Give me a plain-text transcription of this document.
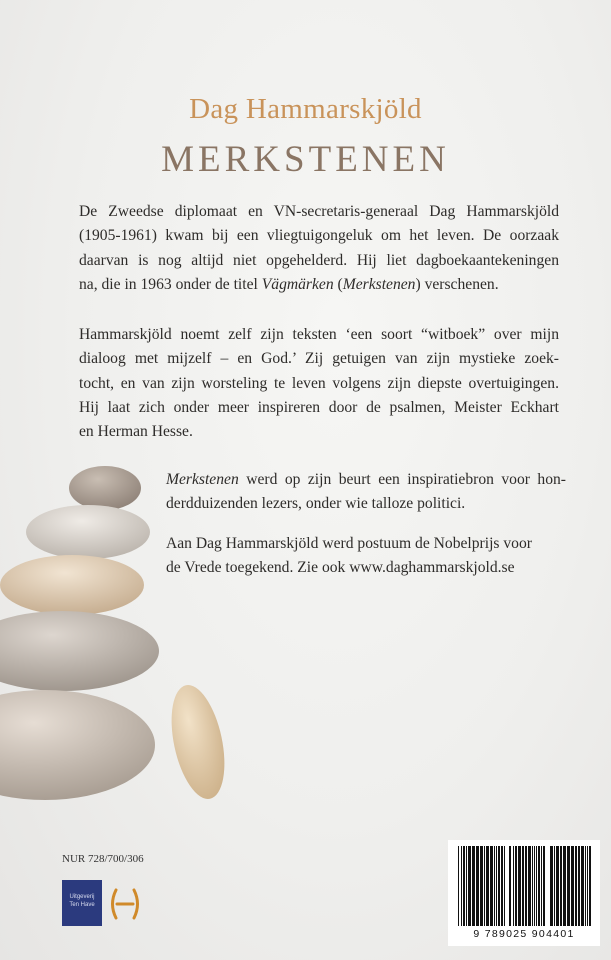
Dag Hammarskjöld
MERKSTENEN

De Zweedse diplomaat en VN-secretaris-generaal Dag Hammarskjöld
(1905-1961) kwam bij een vliegtuigongeluk om het leven. De oorzaak
daarvan is nog altijd niet opgehelderd. Hij liet dagboekaantekeningen
na, die in 1963 onder de titel Vägmärken (Merkstenen) verschenen.

Hammarskjöld noemt zelf zijn teksten ‘een soort “witboek” over mijn
dialoog met mijzelf – en God.’ Zij getuigen van zijn mystieke zoek-
tocht, en van zijn worsteling te leven volgens zijn diepste overtuigingen.
Hij laat zich onder meer inspireren door de psalmen, Meister Eckhart
en Herman Hesse.

Merkstenen werd op zijn beurt een inspiratiebron voor hon-
derdduizenden lezers, onder wie talloze politici.

Aan Dag Hammarskjöld werd postuum de Nobelprijs voor
de Vrede toegekend. Zie ook www.daghammarskjold.se

NUR 728/700/306
Uitgeverij
Ten Have
9 789025 904401
